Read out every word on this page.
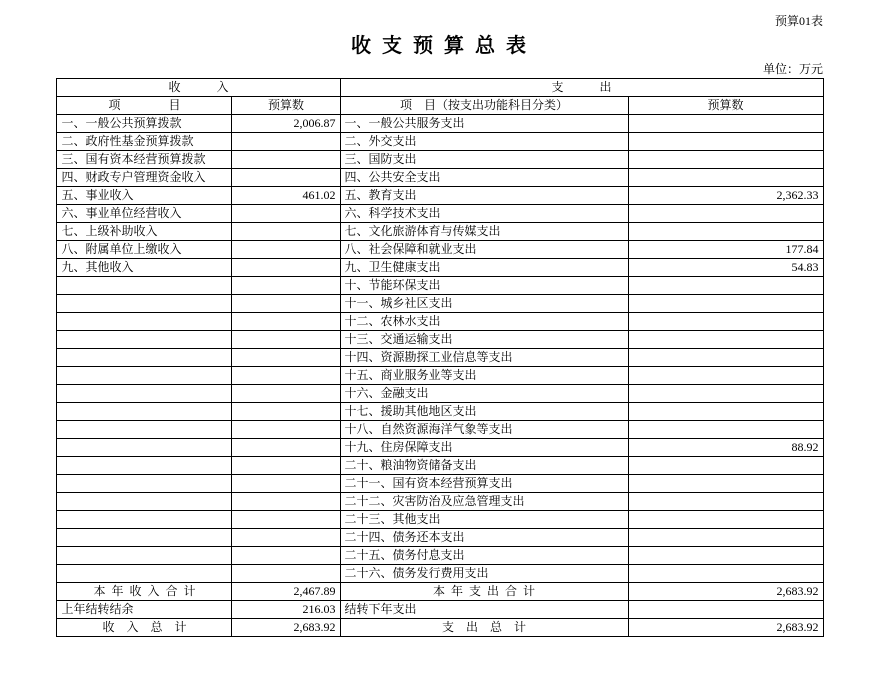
预算01表
收 支 预 算 总 表
单位：万元
收            入		支            出	
项                目	预算数	项    目（按支出功能科目分类）	预算数
一、一般公共预算拨款	2,006.87	一、一般公共服务支出	
二、政府性基金预算拨款		二、外交支出	
三、国有资本经营预算拨款		三、国防支出	
四、财政专户管理资金收入		四、公共安全支出	
五、事业收入	461.02	五、教育支出	2,362.33
六、事业单位经营收入		六、科学技术支出	
七、上级补助收入		七、文化旅游体育与传媒支出	
八、附属单位上缴收入		八、社会保障和就业支出	177.84
九、其他收入		九、卫生健康支出	54.83
		十、节能环保支出	
		十一、城乡社区支出	
		十二、农林水支出	
		十三、交通运输支出	
		十四、资源勘探工业信息等支出	
		十五、商业服务业等支出	
		十六、金融支出	
		十七、援助其他地区支出	
		十八、自然资源海洋气象等支出	
		十九、住房保障支出	88.92
		二十、粮油物资储备支出	
		二十一、国有资本经营预算支出	
		二十二、灾害防治及应急管理支出	
		二十三、其他支出	
		二十四、债务还本支出	
		二十五、债务付息支出	
		二十六、债务发行费用支出	
本  年  收  入  合  计	2,467.89	本  年  支  出  合  计	2,683.92
上年结转结余	216.03	结转下年支出	
收    入    总    计	2,683.92	支    出    总    计	2,683.92
